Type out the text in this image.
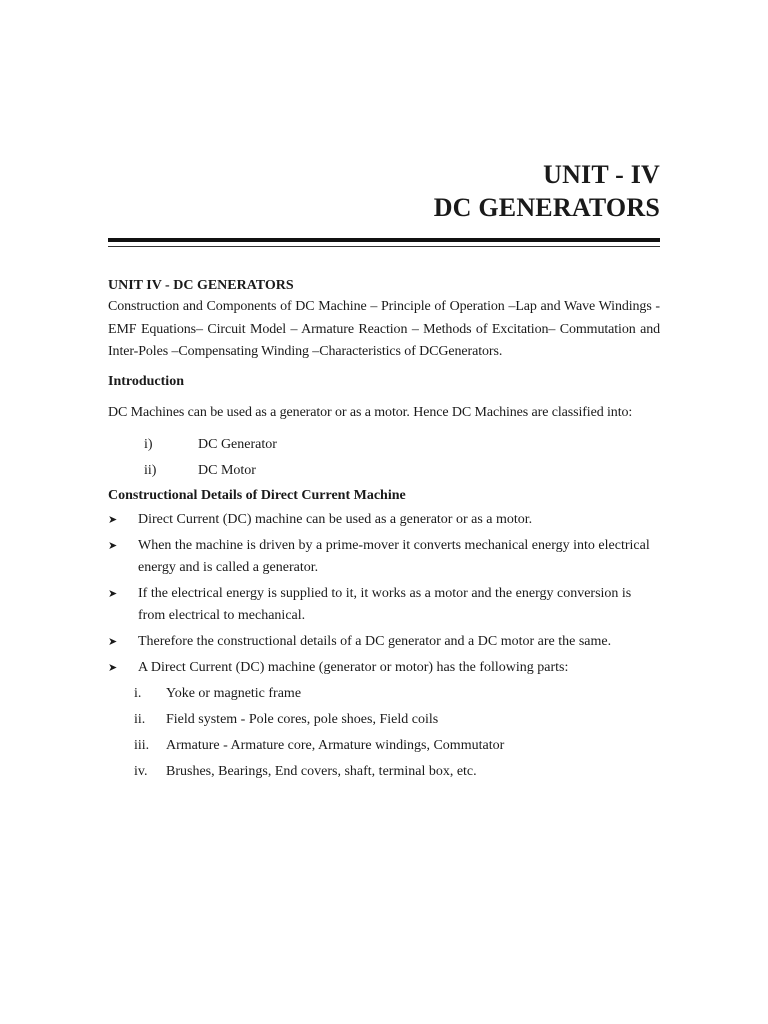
UNIT - IV
DC GENERATORS

UNIT IV - DC GENERATORS

Construction and Components of DC Machine – Principle of Operation –Lap and Wave Windings - EMF Equations– Circuit Model – Armature Reaction – Methods of Excitation– Commutation and Inter-Poles –Compensating Winding –Characteristics of DCGenerators.

Introduction

DC Machines can be used as a generator or as a motor. Hence DC Machines are classified into:

i)	DC Generator
ii)	DC Motor

Constructional Details of Direct Current Machine

➤	Direct Current (DC) machine can be used as a generator or as a motor.
➤	When the machine is driven by a prime-mover it converts mechanical energy into electrical energy and is called a generator.
➤	If the electrical energy is supplied to it, it works as a motor and the energy conversion is from electrical to mechanical.
➤	Therefore the constructional details of a DC generator and a DC motor are the same.
➤	A Direct Current (DC) machine (generator or motor) has the following parts:
i.	Yoke or magnetic frame
ii.	Field system - Pole cores, pole shoes, Field coils
iii.	Armature - Armature core, Armature windings, Commutator
iv.	Brushes, Bearings, End covers, shaft, terminal box, etc.
